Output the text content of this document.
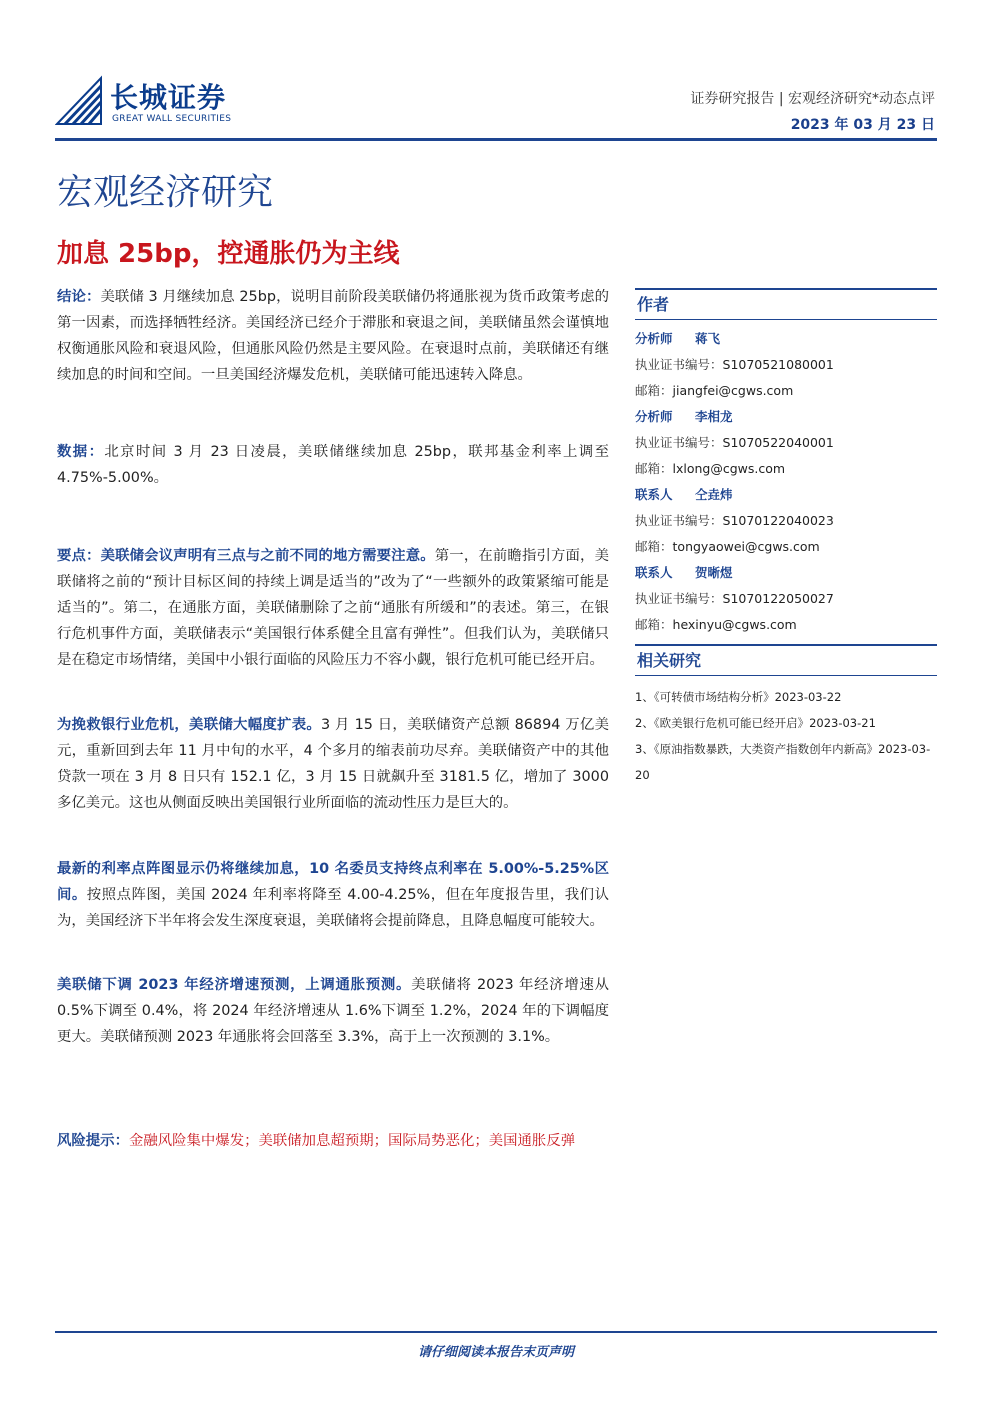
长城证券
GREAT WALL SECURITIES
证券研究报告 | 宏观经济研究*动态点评
2023 年 03 月 23 日
宏观经济研究
加息 25bp，控通胀仍为主线

结论：美联储 3 月继续加息 25bp，说明目前阶段美联储仍将通胀视为货币政策考虑的第一因素，而选择牺牲经济。美国经济已经介于滞胀和衰退之间，美联储虽然会谨慎地权衡通胀风险和衰退风险，但通胀风险仍然是主要风险。在衰退时点前，美联储还有继续加息的时间和空间。一旦美国经济爆发危机，美联储可能迅速转入降息。

数据：北京时间 3 月 23 日凌晨，美联储继续加息 25bp，联邦基金利率上调至 4.75%-5.00%。

要点：美联储会议声明有三点与之前不同的地方需要注意。第一，在前瞻指引方面，美联储将之前的“预计目标区间的持续上调是适当的”改为了“一些额外的政策紧缩可能是适当的”。第二，在通胀方面，美联储删除了之前“通胀有所缓和”的表述。第三，在银行危机事件方面，美联储表示“美国银行体系健全且富有弹性”。但我们认为，美联储只是在稳定市场情绪，美国中小银行面临的风险压力不容小觑，银行危机可能已经开启。

为挽救银行业危机，美联储大幅度扩表。3 月 15 日，美联储资产总额 86894 万亿美元，重新回到去年 11 月中旬的水平，4 个多月的缩表前功尽弃。美联储资产中的其他贷款一项在 3 月 8 日只有 152.1 亿，3 月 15 日就飙升至 3181.5 亿，增加了 3000 多亿美元。这也从侧面反映出美国银行业所面临的流动性压力是巨大的。

最新的利率点阵图显示仍将继续加息，10 名委员支持终点利率在 5.00%-5.25%区间。按照点阵图，美国 2024 年利率将降至 4.00-4.25%，但在年度报告里，我们认为，美国经济下半年将会发生深度衰退，美联储将会提前降息，且降息幅度可能较大。

美联储下调 2023 年经济增速预测，上调通胀预测。美联储将 2023 年经济增速从 0.5%下调至 0.4%，将 2024 年经济增速从 1.6%下调至 1.2%，2024 年的下调幅度更大。美联储预测 2023 年通胀将会回落至 3.3%，高于上一次预测的 3.1%。

风险提示：金融风险集中爆发；美联储加息超预期；国际局势恶化；美国通胀反弹

作者
分析师 蒋飞
执业证书编号：S1070521080001
邮箱：jiangfei@cgws.com
分析师 李相龙
执业证书编号：S1070522040001
邮箱：lxlong@cgws.com
联系人 仝垚炜
执业证书编号：S1070122040023
邮箱：tongyaowei@cgws.com
联系人 贺晰煜
执业证书编号：S1070122050027
邮箱：hexinyu@cgws.com
相关研究
1、《可转债市场结构分析》2023-03-22
2、《欧美银行危机可能已经开启》2023-03-21
3、《原油指数暴跌，大类资产指数创年内新高》2023-03-20
请仔细阅读本报告末页声明
